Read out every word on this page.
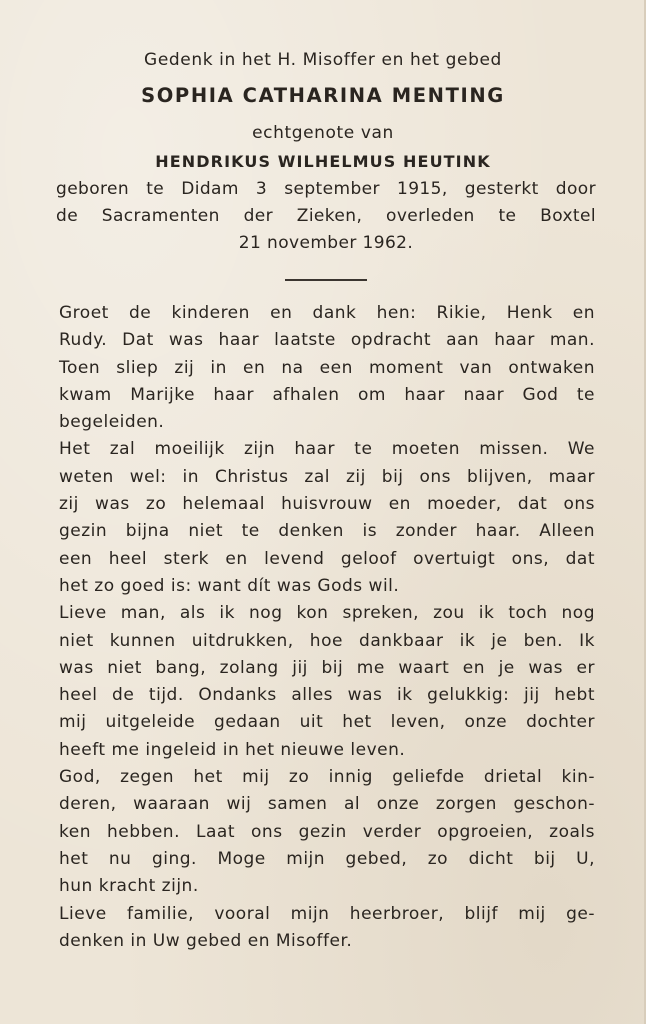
Gedenk in het H. Misoffer en het gebed

SOPHIA CATHARINA MENTING

echtgenote van

HENDRIKUS WILHELMUS HEUTINK

geboren te Didam 3 september 1915, gesterkt door

de Sacramenten der Zieken, overleden te Boxtel

21 november 1962.

Groet de kinderen en dank hen: Rikie, Henk en

Rudy. Dat was haar laatste opdracht aan haar man.

Toen sliep zij in en na een moment van ontwaken

kwam Marijke haar afhalen om haar naar God te

begeleiden.

Het zal moeilijk zijn haar te moeten missen. We

weten wel: in Christus zal zij bij ons blijven, maar

zij was zo helemaal huisvrouw en moeder, dat ons

gezin bijna niet te denken is zonder haar. Alleen

een heel sterk en levend geloof overtuigt ons, dat

het zo goed is: want dít was Gods wil.

Lieve man, als ik nog kon spreken, zou ik toch nog

niet kunnen uitdrukken, hoe dankbaar ik je ben. Ik

was niet bang, zolang jij bij me waart en je was er

heel de tijd. Ondanks alles was ik gelukkig: jij hebt

mij uitgeleide gedaan uit het leven, onze dochter

heeft me ingeleid in het nieuwe leven.

God, zegen het mij zo innig geliefde drietal kin-

deren, waaraan wij samen al onze zorgen geschon-

ken hebben. Laat ons gezin verder opgroeien, zoals

het nu ging. Moge mijn gebed, zo dicht bij U,

hun kracht zijn.

Lieve familie, vooral mijn heerbroer, blijf mij ge-

denken in Uw gebed en Misoffer.
